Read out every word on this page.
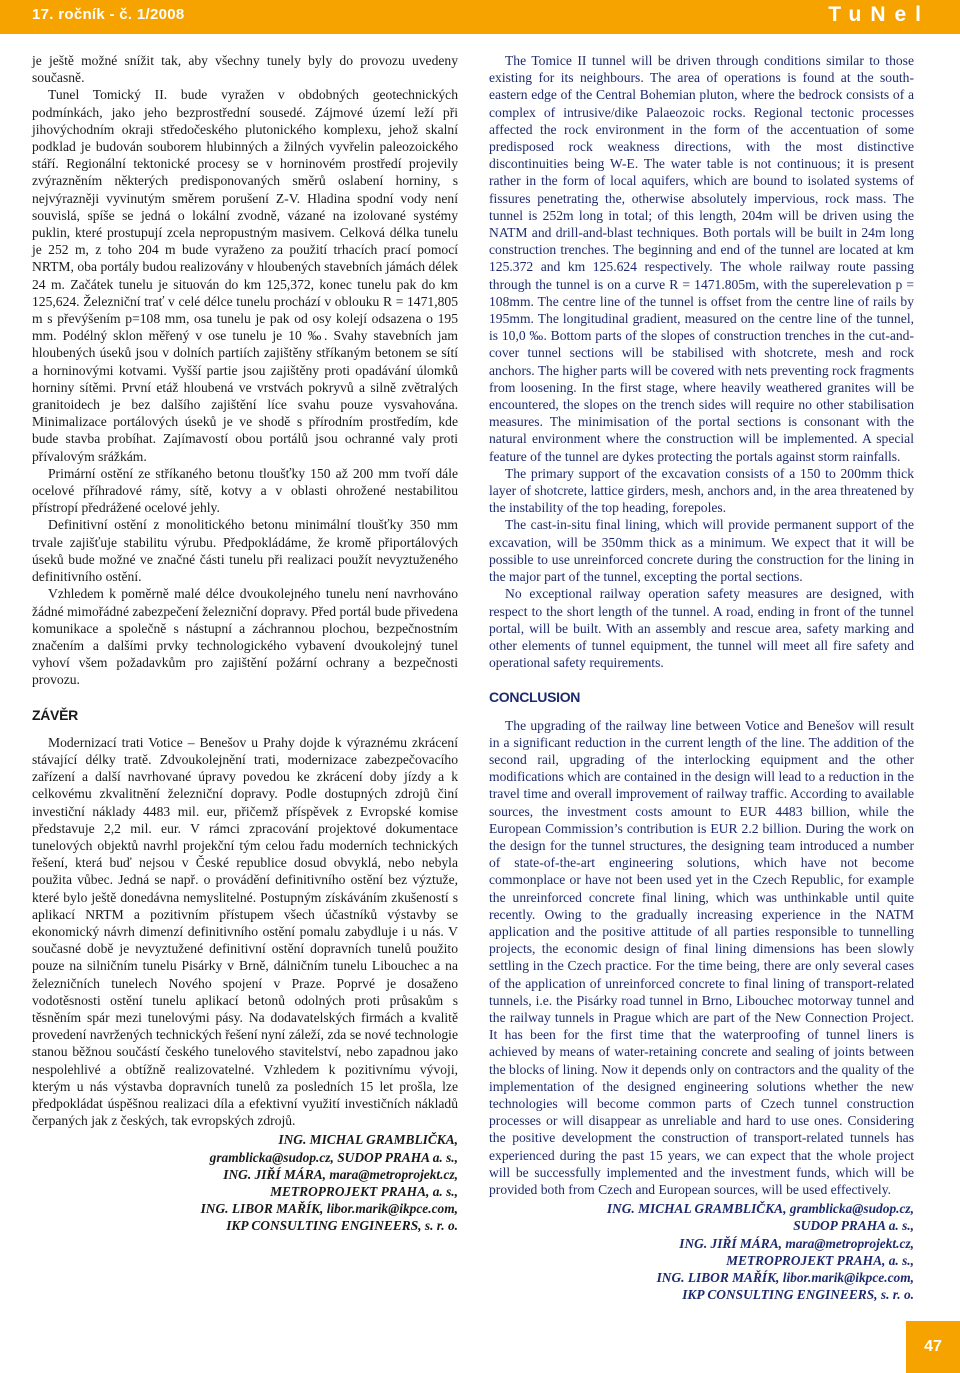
17. ročník - č. 1/2008	TuNel

je ještě možné snížit tak, aby všechny tunely byly do provozu uvedeny současně.

Tunel Tomický II. bude vyražen v obdobných geotechnických podmínkách, jako jeho bezprostřední sousedé. Zájmové území leží při jihovýchodním okraji středočeského plutonického komplexu, jehož skalní podklad je budován souborem hlubinných a žilných vyvřelin paleozoického stáří. Regionální tektonické procesy se v horninovém prostředí projevily zvýrazněním některých predisponovaných směrů oslabení horniny, s nejvýrazněji vyvinutým směrem porušení Z-V. Hladina spodní vody není souvislá, spíše se jedná o lokální zvodně, vázané na izolované systémy puklin, které prostupují zcela nepropustným masivem. Celková délka tunelu je 252 m, z toho 204 m bude vyraženo za použití trhacích prací pomocí NRTM, oba portály budou realizovány v hloubených stavebních jámách délek 24 m. Začátek tunelu je situován do km 125,372, konec tunelu pak do km 125,624. Železniční trať v celé délce tunelu prochází v oblouku R = 1471,805 m s převýšením p=108 mm, osa tunelu je pak od osy kolejí odsazena o 195 mm. Podélný sklon měřený v ose tunelu je 10 ‰. Svahy stavebních jam hloubených úseků jsou v dolních partiích zajištěny stříkaným betonem se sítí a horninovými kotvami. Vyšší partie jsou zajištěny proti opadávání úlomků horniny sítěmi. První etáž hloubená ve vrstvách pokryvů a silně zvětralých granitoidech je bez dalšího zajištění líce svahu pouze vysvahována. Minimalizace portálových úseků je ve shodě s přírodním prostředím, kde bude stavba probíhat. Zajímavostí obou portálů jsou ochranné valy proti přívalovým srážkám.

Primární ostění ze stříkaného betonu tloušťky 150 až 200 mm tvoří dále ocelové příhradové rámy, sítě, kotvy a v oblasti ohrožené nestabilitou přístropí předrážené ocelové jehly.

Definitivní ostění z monolitického betonu minimální tloušťky 350 mm trvale zajišťuje stabilitu výrubu. Předpokládáme, že kromě připortálových úseků bude možné ve značné části tunelu při realizaci použít nevyztuženého definitivního ostění.

Vzhledem k poměrně malé délce dvoukolejného tunelu není navrhováno žádné mimořádné zabezpečení železniční dopravy. Před portál bude přivedena komunikace a společně s nástupní a záchrannou plochou, bezpečnostním značením a dalšími prvky technologického vybavení dvoukolejný tunel vyhoví všem požadavkům pro zajištění požární ochrany a bezpečnosti provozu.

ZÁVĚR

Modernizací trati Votice – Benešov u Prahy dojde k výraznému zkrácení stávající délky tratě. Zdvoukolejnění trati, modernizace zabezpečovacího zařízení a další navrhované úpravy povedou ke zkrácení doby jízdy a k celkovému zkvalitnění železniční dopravy. Podle dostupných zdrojů činí investiční náklady 4483 mil. eur, přičemž příspěvek z Evropské komise představuje 2,2 mil. eur. V rámci zpracování projektové dokumentace tunelových objektů navrhl projekční tým celou řadu moderních technických řešení, která buď nejsou v České republice dosud obvyklá, nebo nebyla použita vůbec. Jedná se např. o provádění definitivního ostění bez výztuže, které bylo ještě donedávna nemyslitelné. Postupným získáváním zkušeností s aplikací NRTM a pozitivním přístupem všech účastníků výstavby se ekonomický návrh dimenzí definitivního ostění pomalu zabydluje i u nás. V současné době je nevyztužené definitivní ostění dopravních tunelů použito pouze na silničním tunelu Pisárky v Brně, dálničním tunelu Libouchec a na železničních tunelech Nového spojení v Praze. Poprvé je dosaženo vodotěsnosti ostění tunelu aplikací betonů odolných proti průsakům s těsněním spár mezi tunelovými pásy. Na dodavatelských firmách a kvalitě provedení navržených technických řešení nyní záleží, zda se nové technologie stanou běžnou součástí českého tunelového stavitelství, nebo zapadnou jako nespolehlivé a obtížně realizovatelné. Vzhledem k pozitivnímu vývoji, kterým u nás výstavba dopravních tunelů za posledních 15 let prošla, lze předpokládat úspěšnou realizaci díla a efektivní využití investičních nákladů čerpaných jak z českých, tak evropských zdrojů.

ING. MICHAL GRAMBLIČKA,
gramblicka@sudop.cz, SUDOP PRAHA a. s.,
ING. JIŘÍ MÁRA, mara@metroprojekt.cz,
METROPROJEKT PRAHA, a. s.,
ING. LIBOR MAŘÍK, libor.marik@ikpce.com,
IKP CONSULTING ENGINEERS, s. r. o.

The Tomice II tunnel will be driven through conditions similar to those existing for its neighbours. The area of operations is found at the south-eastern edge of the Central Bohemian pluton, where the bedrock consists of a complex of intrusive/dike Palaeozoic rocks. Regional tectonic processes affected the rock environment in the form of the accentuation of some predisposed rock weakness directions, with the most distinctive discontinuities being W-E. The water table is not continuous; it is present rather in the form of local aquifers, which are bound to isolated systems of fissures penetrating the, otherwise absolutely impervious, rock mass. The tunnel is 252m long in total; of this length, 204m will be driven using the NATM and drill-and-blast techniques. Both portals will be built in 24m long construction trenches. The beginning and end of the tunnel are located at km 125.372 and km 125.624 respectively. The whole railway route passing through the tunnel is on a curve R = 1471.805m, with the superelevation p = 108mm. The centre line of the tunnel is offset from the centre line of rails by 195mm. The longitudinal gradient, measured on the centre line of the tunnel, is 10,0 ‰. Bottom parts of the slopes of construction trenches in the cut-and-cover tunnel sections will be stabilised with shotcrete, mesh and rock anchors. The higher parts will be covered with nets preventing rock fragments from loosening. In the first stage, where heavily weathered granites will be encountered, the slopes on the trench sides will require no other stabilisation measures. The minimisation of the portal sections is consonant with the natural environment where the construction will be implemented. A special feature of the tunnel are dykes protecting the portals against storm rainfalls.

The primary support of the excavation consists of a 150 to 200mm thick layer of shotcrete, lattice girders, mesh, anchors and, in the area threatened by the instability of the top heading, forepoles.

The cast-in-situ final lining, which will provide permanent support of the excavation, will be 350mm thick as a minimum. We expect that it will be possible to use unreinforced concrete during the construction for the lining in the major part of the tunnel, excepting the portal sections.

No exceptional railway operation safety measures are designed, with respect to the short length of the tunnel. A road, ending in front of the tunnel portal, will be built. With an assembly and rescue area, safety marking and other elements of tunnel equipment, the tunnel will meet all fire safety and operational safety requirements.

CONCLUSION

The upgrading of the railway line between Votice and Benešov will result in a significant reduction in the current length of the line. The addition of the second rail, upgrading of the interlocking equipment and the other modifications which are contained in the design will lead to a reduction in the travel time and overall improvement of railway traffic. According to available sources, the investment costs amount to EUR 4483 billion, while the European Commission’s contribution is EUR 2.2 billion. During the work on the design for the tunnel structures, the designing team introduced a number of state-of-the-art engineering solutions, which have not become commonplace or have not been used yet in the Czech Republic, for example the unreinforced concrete final lining, which was unthinkable until quite recently. Owing to the gradually increasing experience in the NATM application and the positive attitude of all parties responsible to tunnelling projects, the economic design of final lining dimensions has been slowly settling in the Czech practice. For the time being, there are only several cases of the application of unreinforced concrete to final lining of transport-related tunnels, i.e. the Pisárky road tunnel in Brno, Libouchec motorway tunnel and the railway tunnels in Prague which are part of the New Connection Project. It has been for the first time that the waterproofing of tunnel liners is achieved by means of water-retaining concrete and sealing of joints between the blocks of lining. Now it depends only on contractors and the quality of the implementation of the designed engineering solutions whether the new technologies will become common parts of Czech tunnel construction processes or will disappear as unreliable and hard to use ones. Considering the positive development the construction of transport-related tunnels has experienced during the past 15 years, we can expect that the whole project will be successfully implemented and the investment funds, which will be provided both from Czech and European sources, will be used effectively.

ING. MICHAL GRAMBLIČKA, gramblicka@sudop.cz,
SUDOP PRAHA a. s.,
ING. JIŘÍ MÁRA, mara@metroprojekt.cz,
METROPROJEKT PRAHA, a. s.,
ING. LIBOR MAŘÍK, libor.marik@ikpce.com,
IKP CONSULTING ENGINEERS, s. r. o.
47
